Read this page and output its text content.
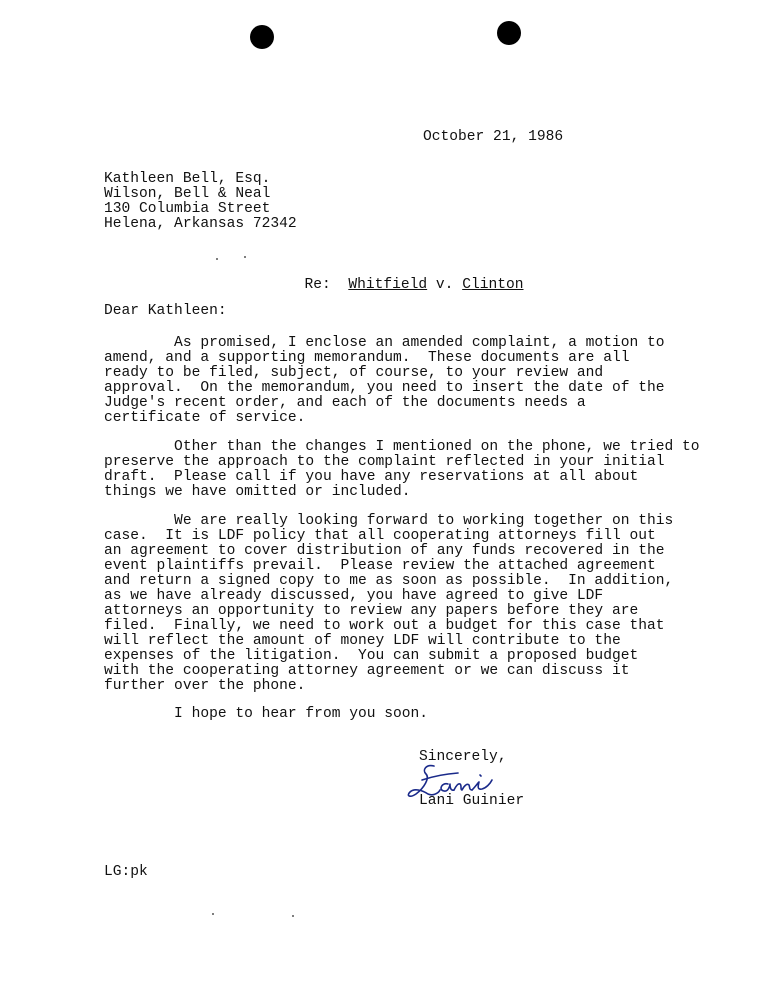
October 21, 1986
Kathleen Bell, Esq.
Wilson, Bell & Neal
130 Columbia Street
Helena, Arkansas 72342

Re: Whitfield v. Clinton

Dear Kathleen:
As promised, I enclose an amended complaint, a motion to
amend, and a supporting memorandum.  These documents are all
ready to be filed, subject, of course, to your review and
approval.  On the memorandum, you need to insert the date of the
Judge's recent order, and each of the documents needs a
certificate of service.
Other than the changes I mentioned on the phone, we tried to
preserve the approach to the complaint reflected in your initial
draft.  Please call if you have any reservations at all about
things we have omitted or included.
We are really looking forward to working together on this
case.  It is LDF policy that all cooperating attorneys fill out
an agreement to cover distribution of any funds recovered in the
event plaintiffs prevail.  Please review the attached agreement
and return a signed copy to me as soon as possible.  In addition,
as we have already discussed, you have agreed to give LDF
attorneys an opportunity to review any papers before they are
filed.  Finally, we need to work out a budget for this case that
will reflect the amount of money LDF will contribute to the
expenses of the litigation.  You can submit a proposed budget
with the cooperating attorney agreement or we can discuss it
further over the phone.
I hope to hear from you soon.
Sincerely,
Lani Guinier
LG:pk
